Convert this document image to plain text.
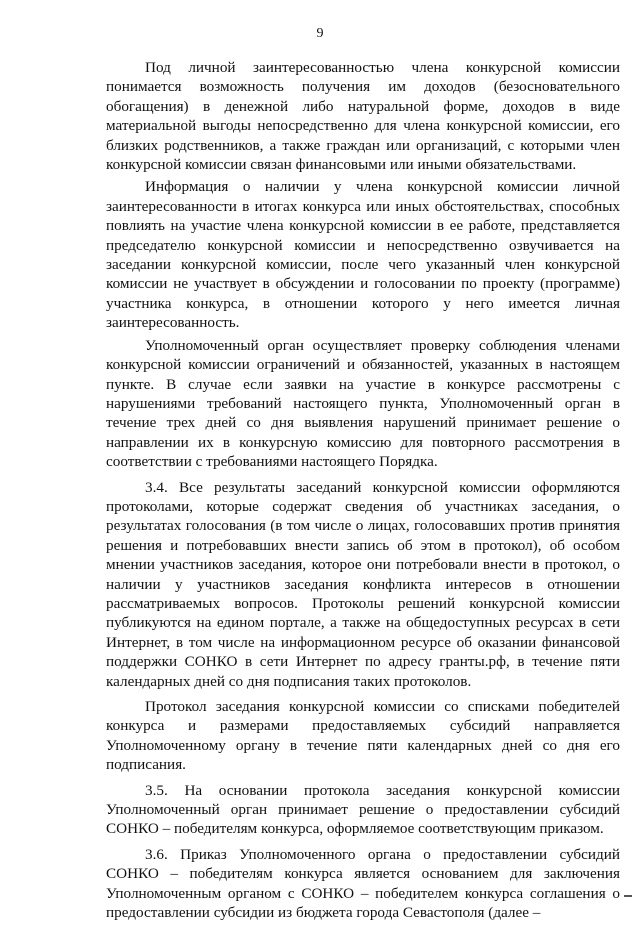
9

Под личной заинтересованностью члена конкурсной комиссии понимается возможность получения им доходов (безосновательного обогащения) в денежной либо натуральной форме, доходов в виде материальной выгоды непосредственно для члена конкурсной комиссии, его близких родственников, а также граждан или организаций, с которыми член конкурсной комиссии связан финансовыми или иными обязательствами.

Информация о наличии у члена конкурсной комиссии личной заинтересованности в итогах конкурса или иных обстоятельствах, способных повлиять на участие члена конкурсной комиссии в ее работе, представляется председателю конкурсной комиссии и непосредственно озвучивается на заседании конкурсной комиссии, после чего указанный член конкурсной комиссии не участвует в обсуждении и голосовании по проекту (программе) участника конкурса, в отношении которого у него имеется личная заинтересованность.

Уполномоченный орган осуществляет проверку соблюдения членами конкурсной комиссии ограничений и обязанностей, указанных в настоящем пункте. В случае если заявки на участие в конкурсе рассмотрены с нарушениями требований настоящего пункта, Уполномоченный орган в течение трех дней со дня выявления нарушений принимает решение о направлении их в конкурсную комиссию для повторного рассмотрения в соответствии с требованиями настоящего Порядка.

3.4. Все результаты заседаний конкурсной комиссии оформляются протоколами, которые содержат сведения об участниках заседания, о результатах голосования (в том числе о лицах, голосовавших против принятия решения и потребовавших внести запись об этом в протокол), об особом мнении участников заседания, которое они потребовали внести в протокол, о наличии у участников заседания конфликта интересов в отношении рассматриваемых вопросов. Протоколы решений конкурсной комиссии публикуются на едином портале, а также на общедоступных ресурсах в сети Интернет, в том числе на информационном ресурсе об оказании финансовой поддержки СОНКО в сети Интернет по адресу гранты.рф, в течение пяти календарных дней со дня подписания таких протоколов.

Протокол заседания конкурсной комиссии со списками победителей конкурса и размерами предоставляемых субсидий направляется Уполномоченному органу в течение пяти календарных дней со дня его подписания.

3.5. На основании протокола заседания конкурсной комиссии Уполномоченный орган принимает решение о предоставлении субсидий СОНКО – победителям конкурса, оформляемое соответствующим приказом.

3.6. Приказ Уполномоченного органа о предоставлении субсидий СОНКО – победителям конкурса является основанием для заключения Уполномоченным органом с СОНКО – победителем конкурса соглашения о предоставлении субсидии из бюджета города Севастополя (далее –
